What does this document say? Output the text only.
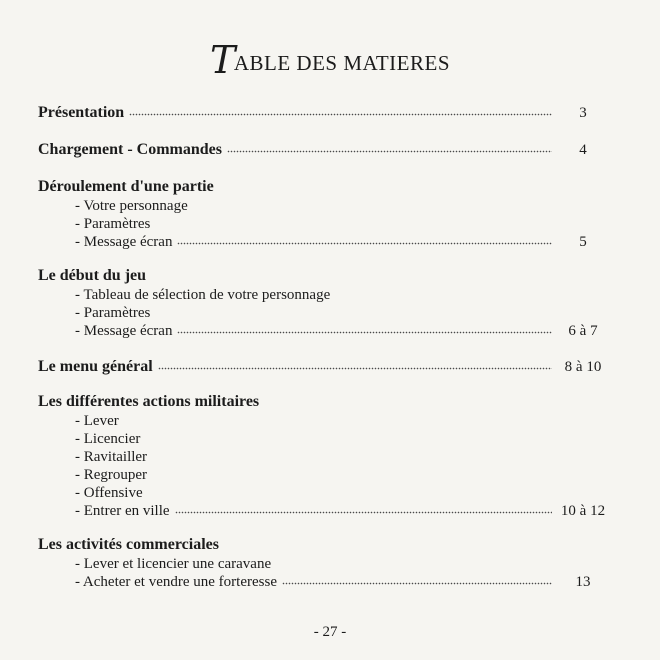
TABLE DES MATIERES
Présentation	3
Chargement - Commandes	4
Déroulement d'une partie
- Votre personnage
- Paramètres
- Message écran	5
Le début du jeu
- Tableau de sélection de votre personnage
- Paramètres
- Message écran	6 à 7
Le menu général	8 à 10
Les différentes actions militaires
- Lever
- Licencier
- Ravitailler
- Regrouper
- Offensive
- Entrer en ville	10 à 12
Les activités commerciales
- Lever et licencier une caravane
- Acheter et vendre une forteresse	13
- 27 -
